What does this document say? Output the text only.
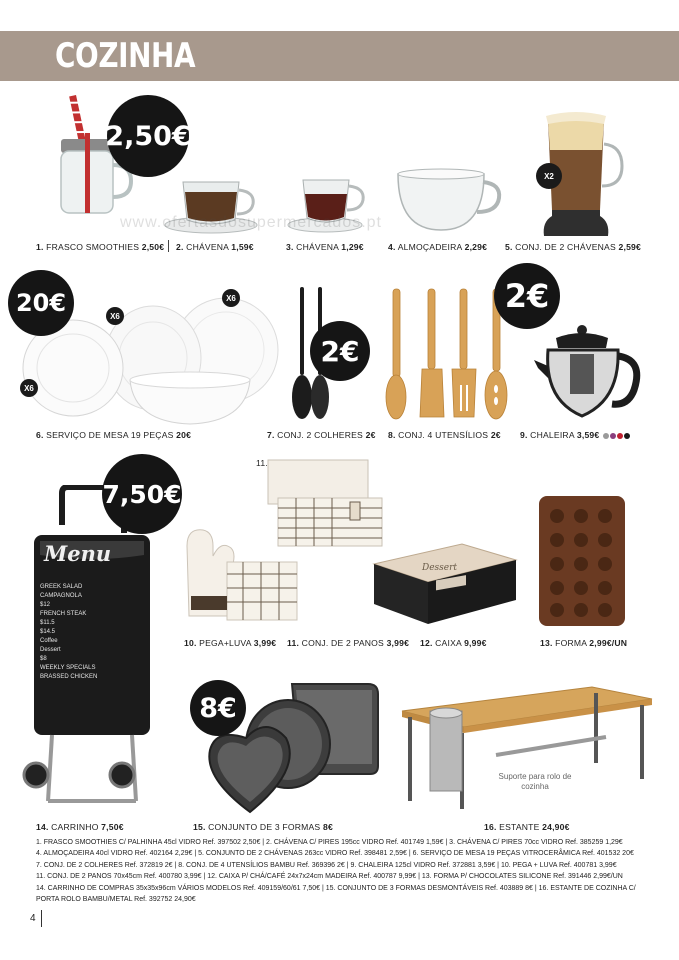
COZINHA
2,50€
X2
www.ofertasdosupermercados.pt
1. FRASCO SMOOTHIES 2,50€ 2. CHÁVENA 1,59€	3. CHÁVENA 1,29€	4. ALMOÇADEIRA 2,29€ 5. CONJ. DE 2 CHÁVENAS 2,59€
20€	X6
X6
X6
2€
2€
6. SERVIÇO DE MESA 19 PEÇAS 20€	7. CONJ. 2 COLHERES 2€ 8. CONJ. 4 UTENSÍLIOS 2€ 9. CHALEIRA 3,59€
Menu
GREEK SALAD
CAMPAGNOLA
$12
FRENCH STEAK
$11.5
$14.5
Coffee
Dessert
$8
WEEKLY SPECIALS
BRASSED CHICKEN
7,50€
11.
Dessert
10. PEGA+LUVA 3,99€ 11. CONJ. DE 2 PANOS 3,99€ 12. CAIXA 9,99€	13. FORMA 2,99€/UN
8€
Suporte para rolo de cozinha
14. CARRINHO 7,50€	15. CONJUNTO DE 3 FORMAS 8€	16. ESTANTE 24,90€
1. FRASCO SMOOTHIES C/ PALHINHA 45cl VIDRO Ref. 397502 2,50€ | 2. CHÁVENA C/ PIRES 195cc VIDRO Ref. 401749 1,59€ | 3. CHÁVENA C/ PIRES 70cc VIDRO Ref. 385259 1,29€
4. ALMOÇADEIRA 40cl VIDRO Ref. 402164 2,29€ | 5. CONJUNTO DE 2 CHÁVENAS 263cc VIDRO Ref. 398481 2,59€ | 6. SERVIÇO DE MESA 19 PEÇAS VITROCERÂMICA Ref. 401532 20€
7. CONJ. DE 2 COLHERES Ref. 372819 2€ | 8. CONJ. DE 4 UTENSÍLIOS BAMBU Ref. 369396 2€ | 9. CHALEIRA 125cl VIDRO Ref. 372881 3,59€ | 10. PEGA + LUVA Ref. 400781 3,99€
11. CONJ. DE 2 PANOS 70x45cm Ref. 400780 3,99€ | 12. CAIXA P/ CHÁ/CAFÉ 24x7x24cm MADEIRA Ref. 400787 9,99€ | 13. FORMA P/ CHOCOLATES SILICONE Ref. 391446 2,99€/UN
14. CARRINHO DE COMPRAS 35x35x96cm VÁRIOS MODELOS Ref. 409159/60/61 7,50€ | 15. CONJUNTO DE 3 FORMAS DESMONTÁVEIS Ref. 403889 8€ | 16. ESTANTE DE COZINHA C/
PORTA ROLO BAMBU/METAL Ref. 392752 24,90€
4
